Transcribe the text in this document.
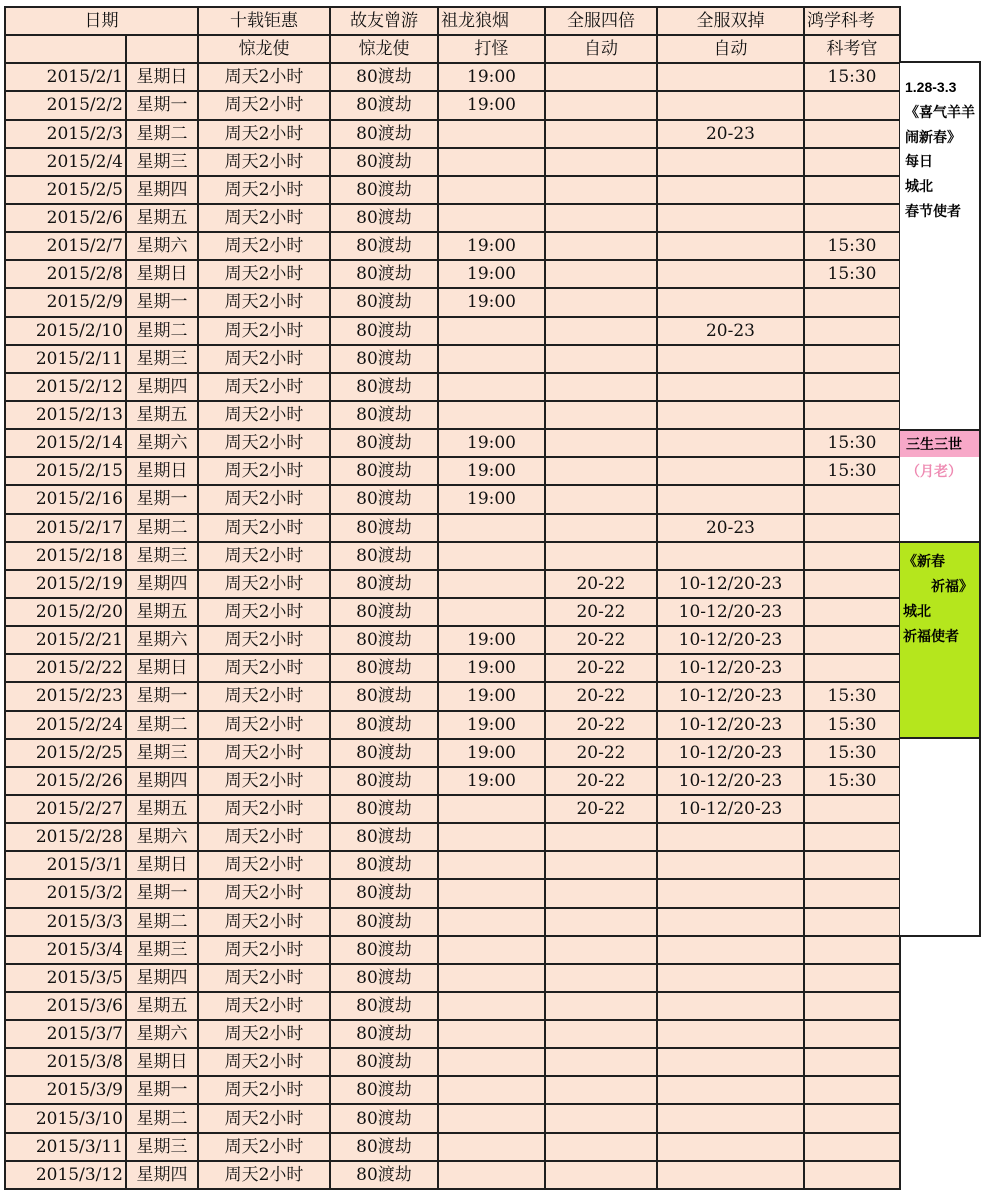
日期		十载钜惠	故友曾游	祖龙狼烟	全服四倍	全服双掉	鸿学科考
		惊龙使	惊龙使	打怪	自动	自动	科考官
2015/2/1	星期日	周天2小时	80渡劫	19:00			15:30
2015/2/2	星期一	周天2小时	80渡劫	19:00			
2015/2/3	星期二	周天2小时	80渡劫			20-23	
2015/2/4	星期三	周天2小时	80渡劫				
2015/2/5	星期四	周天2小时	80渡劫				
2015/2/6	星期五	周天2小时	80渡劫				
2015/2/7	星期六	周天2小时	80渡劫	19:00			15:30
2015/2/8	星期日	周天2小时	80渡劫	19:00			15:30
2015/2/9	星期一	周天2小时	80渡劫	19:00			
2015/2/10	星期二	周天2小时	80渡劫			20-23	
2015/2/11	星期三	周天2小时	80渡劫				
2015/2/12	星期四	周天2小时	80渡劫				
2015/2/13	星期五	周天2小时	80渡劫				
2015/2/14	星期六	周天2小时	80渡劫	19:00			15:30
2015/2/15	星期日	周天2小时	80渡劫	19:00			15:30
2015/2/16	星期一	周天2小时	80渡劫	19:00			
2015/2/17	星期二	周天2小时	80渡劫			20-23	
2015/2/18	星期三	周天2小时	80渡劫				
2015/2/19	星期四	周天2小时	80渡劫		20-22	10-12/20-23	
2015/2/20	星期五	周天2小时	80渡劫		20-22	10-12/20-23	
2015/2/21	星期六	周天2小时	80渡劫	19:00	20-22	10-12/20-23	
2015/2/22	星期日	周天2小时	80渡劫	19:00	20-22	10-12/20-23	
2015/2/23	星期一	周天2小时	80渡劫	19:00	20-22	10-12/20-23	15:30
2015/2/24	星期二	周天2小时	80渡劫	19:00	20-22	10-12/20-23	15:30
2015/2/25	星期三	周天2小时	80渡劫	19:00	20-22	10-12/20-23	15:30
2015/2/26	星期四	周天2小时	80渡劫	19:00	20-22	10-12/20-23	15:30
2015/2/27	星期五	周天2小时	80渡劫		20-22	10-12/20-23	
2015/2/28	星期六	周天2小时	80渡劫				
2015/3/1	星期日	周天2小时	80渡劫				
2015/3/2	星期一	周天2小时	80渡劫				
2015/3/3	星期二	周天2小时	80渡劫				
2015/3/4	星期三	周天2小时	80渡劫				
2015/3/5	星期四	周天2小时	80渡劫				
2015/3/6	星期五	周天2小时	80渡劫				
2015/3/7	星期六	周天2小时	80渡劫				
2015/3/8	星期日	周天2小时	80渡劫				
2015/3/9	星期一	周天2小时	80渡劫				
2015/3/10	星期二	周天2小时	80渡劫				
2015/3/11	星期三	周天2小时	80渡劫				
2015/3/12	星期四	周天2小时	80渡劫				
1.28-3.3
《喜气羊羊
闹新春》
每日
城北
春节使者
三生三世
（月老）
《新春
祈福》
城北
祈福使者
